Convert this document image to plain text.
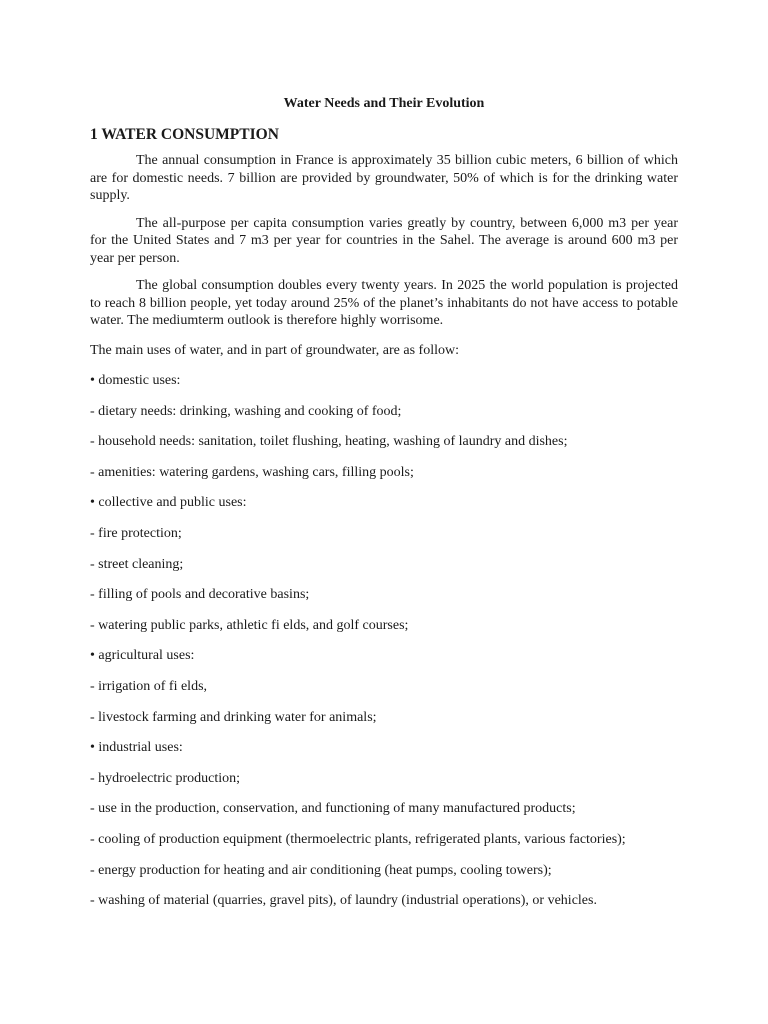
Water Needs and Their Evolution
1 WATER CONSUMPTION

The annual consumption in France is approximately 35 billion cubic meters, 6 billion of which are for domestic needs. 7 billion are provided by groundwater, 50% of which is for the drinking water supply.

The all-purpose per capita consumption varies greatly by country, between 6,000 m3 per year for the United States and 7 m3 per year for countries in the Sahel. The average is around 600 m3 per year per person.

The global consumption doubles every twenty years. In 2025 the world population is projected to reach 8 billion people, yet today around 25% of the planet’s inhabitants do not have access to potable water. The mediumterm outlook is therefore highly worrisome.

The main uses of water, and in part of groundwater, are as follow:

• domestic uses:
- dietary needs: drinking, washing and cooking of food;
- household needs: sanitation, toilet flushing, heating, washing of laundry and dishes;
- amenities: watering gardens, washing cars, filling pools;
• collective and public uses:
- fire protection;
- street cleaning;
- filling of pools and decorative basins;
- watering public parks, athletic fi elds, and golf courses;
• agricultural uses:
- irrigation of fi elds,
- livestock farming and drinking water for animals;
• industrial uses:
- hydroelectric production;
- use in the production, conservation, and functioning of many manufactured products;
- cooling of production equipment (thermoelectric plants, refrigerated plants, various factories);
- energy production for heating and air conditioning (heat pumps, cooling towers);
- washing of material (quarries, gravel pits), of laundry (industrial operations), or vehicles.
